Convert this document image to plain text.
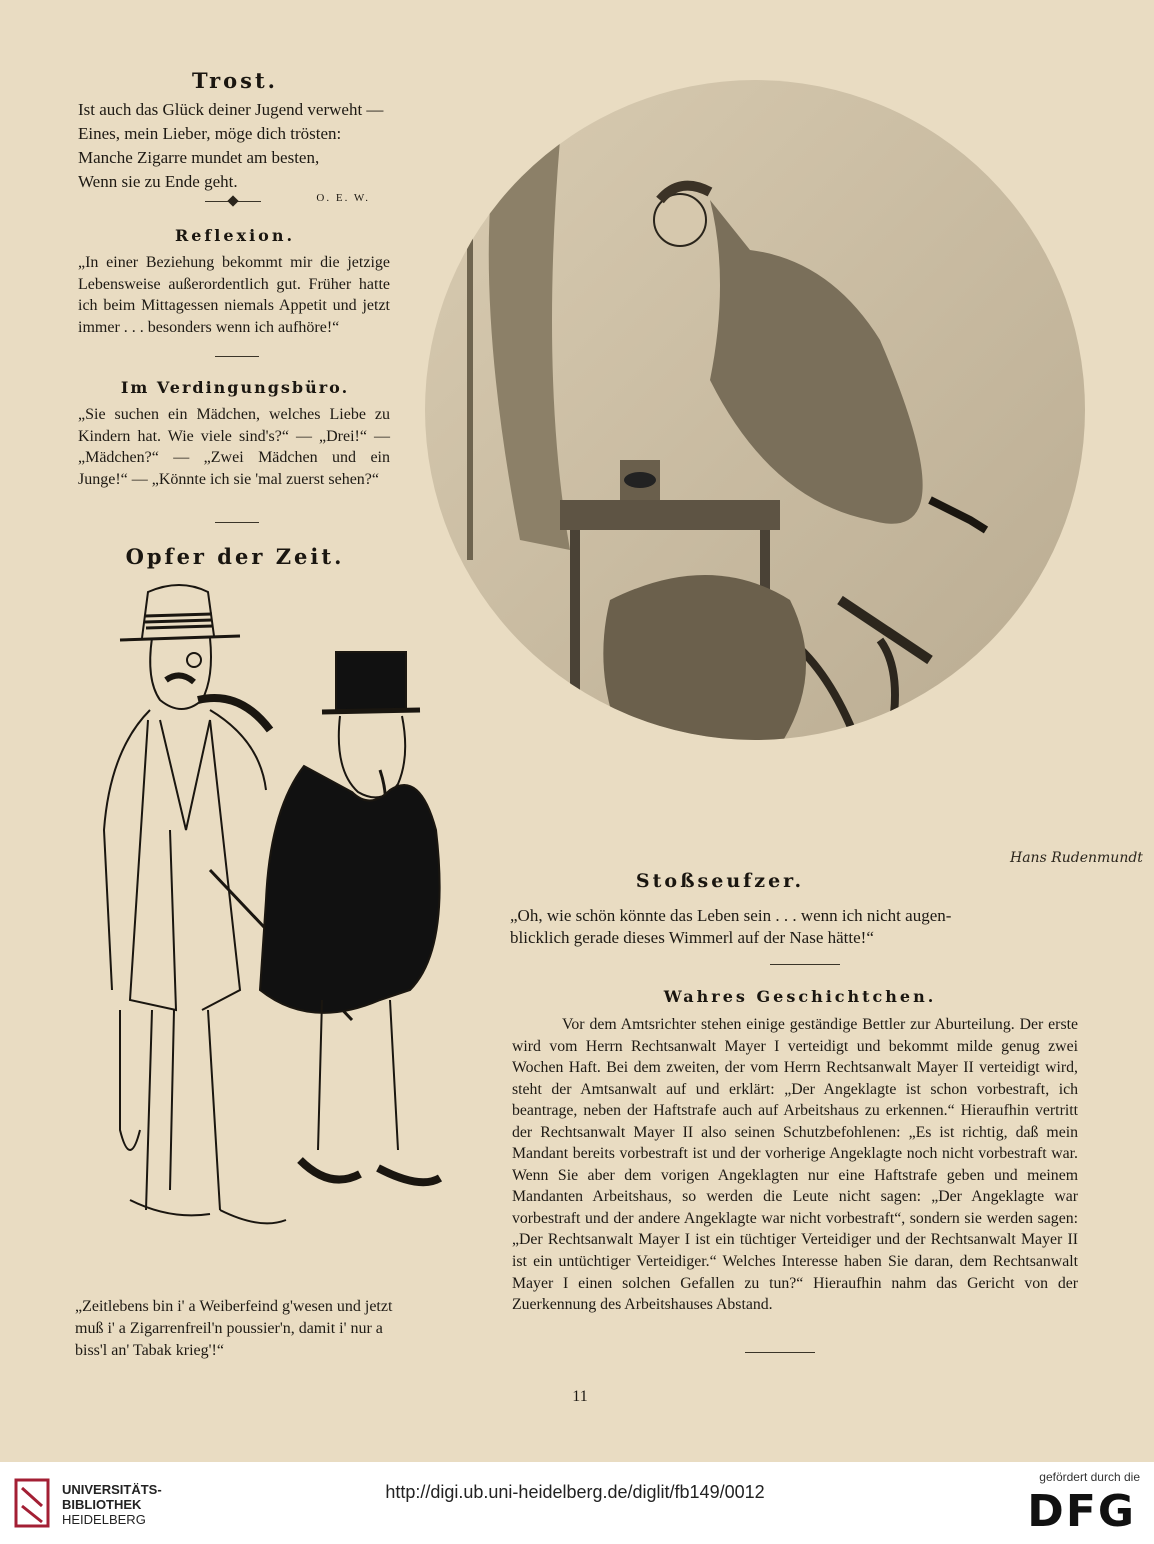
Trost.
Ist auch das Glück deiner Jugend verweht —
Eines, mein Lieber, möge dich trösten:
Manche Zigarre mundet am besten,
Wenn sie zu Ende geht.
O. E. W.
Reflexion.
„In einer Beziehung bekommt mir die jetzige Lebensweise außerordentlich gut. Früher hatte ich beim Mittagessen niemals Appetit und jetzt immer . . . besonders wenn ich aufhöre!“
Im Verdingungsbüro.
„Sie suchen ein Mädchen, welches Liebe zu Kindern hat. Wie viele sind's?“ — „Drei!“ — „Mädchen?“ — „Zwei Mädchen und ein Junge!“ — „Könnte ich sie 'mal zuerst sehen?“
Opfer der Zeit.
„Zeitlebens bin i' a Weiberfeind g'wesen und jetzt
muß i' a Zigarrenfreil'n poussier'n, damit i' nur a
biss'l an' Tabak krieg'!“
Hans Rudenmundt
Stoßseufzer.
„Oh, wie schön könnte das Leben sein . . . wenn ich nicht augen-
blicklich gerade dieses Wimmerl auf der Nase hätte!“
Wahres Geschichtchen.
Vor dem Amtsrichter stehen einige geständige Bettler zur Aburteilung. Der erste wird vom Herrn Rechtsanwalt Mayer I verteidigt und bekommt milde genug zwei Wochen Haft. Bei dem zweiten, der vom Herrn Rechtsanwalt Mayer II verteidigt wird, steht der Amtsanwalt auf und erklärt: „Der Angeklagte ist schon vorbestraft, ich beantrage, neben der Haftstrafe auch auf Arbeitshaus zu erkennen.“ Hieraufhin vertritt der Rechtsanwalt Mayer II also seinen Schutzbefohlenen: „Es ist richtig, daß mein Mandant bereits vorbestraft ist und der vorherige Angeklagte noch nicht vorbestraft war. Wenn Sie aber dem vorigen Angeklagten nur eine Haftstrafe geben und meinem Mandanten Arbeitshaus, so werden die Leute nicht sagen: „Der Angeklagte war vorbestraft und der andere Angeklagte war nicht vorbestraft“, sondern sie werden sagen: „Der Rechtsanwalt Mayer I ist ein tüchtiger Verteidiger und der Rechtsanwalt Mayer II ist ein untüchtiger Verteidiger.“ Welches Interesse haben Sie daran, dem Rechtsanwalt Mayer I einen solchen Gefallen zu tun?“ Hieraufhin nahm das Gericht von der Zuerkennung des Arbeitshauses Abstand.
11
UNIVERSITÄTS-
BIBLIOTHEK
HEIDELBERG
http://digi.ub.uni-heidelberg.de/diglit/fb149/0012
gefördert durch die
DFG
